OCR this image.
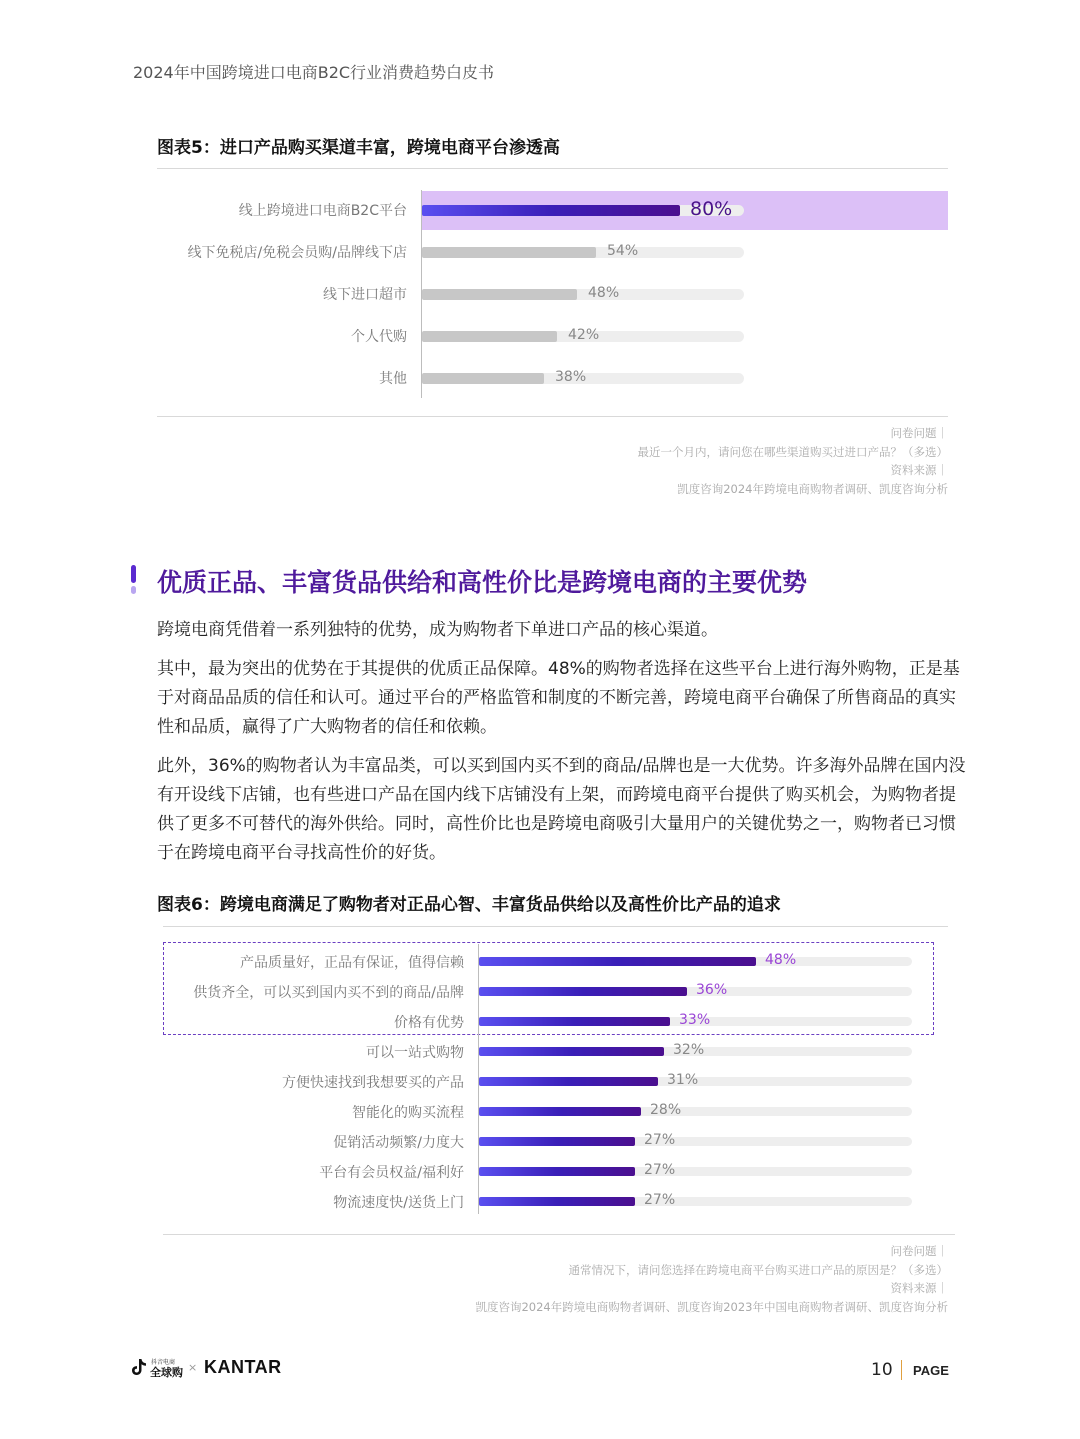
2024年中国跨境进口电商B2C行业消费趋势白皮书
图表5：进口产品购买渠道丰富，跨境电商平台渗透高
线上跨境进口电商B2C平台	80%
线下免税店/免税会员购/品牌线下店	54%
线下进口超市	48%
个人代购	42%
其他	38%
问卷问题｜
最近一个月内，请问您在哪些渠道购买过进口产品？（多选）
资料来源｜
凯度咨询2024年跨境电商购物者调研、凯度咨询分析
优质正品、丰富货品供给和高性价比是跨境电商的主要优势
跨境电商凭借着一系列独特的优势，成为购物者下单进口产品的核心渠道。
其中，最为突出的优势在于其提供的优质正品保障。48%的购物者选择在这些平台上进行海外购物，正是基于对商品品质的信任和认可。通过平台的严格监管和制度的不断完善，跨境电商平台确保了所售商品的真实性和品质，赢得了广大购物者的信任和依赖。
此外，36%的购物者认为丰富品类，可以买到国内买不到的商品/品牌也是一大优势。许多海外品牌在国内没有开设线下店铺，也有些进口产品在国内线下店铺没有上架，而跨境电商平台提供了购买机会，为购物者提供了更多不可替代的海外供给。同时，高性价比也是跨境电商吸引大量用户的关键优势之一，购物者已习惯于在跨境电商平台寻找高性价的好货。
图表6：跨境电商满足了购物者对正品心智、丰富货品供给以及高性价比产品的追求
产品质量好，正品有保证，值得信赖	48%
供货齐全，可以买到国内买不到的商品/品牌	36%
价格有优势	33%
可以一站式购物	32%
方便快速找到我想要买的产品	31%
智能化的购买流程	28%
促销活动频繁/力度大	27%
平台有会员权益/福利好	27%
物流速度快/送货上门	27%
问卷问题｜
通常情况下，请问您选择在跨境电商平台购买进口产品的原因是？（多选）
资料来源｜
凯度咨询2024年跨境电商购物者调研、凯度咨询2023年中国电商购物者调研、凯度咨询分析
抖音电商
全球购 × KANTAR	10 PAGE
